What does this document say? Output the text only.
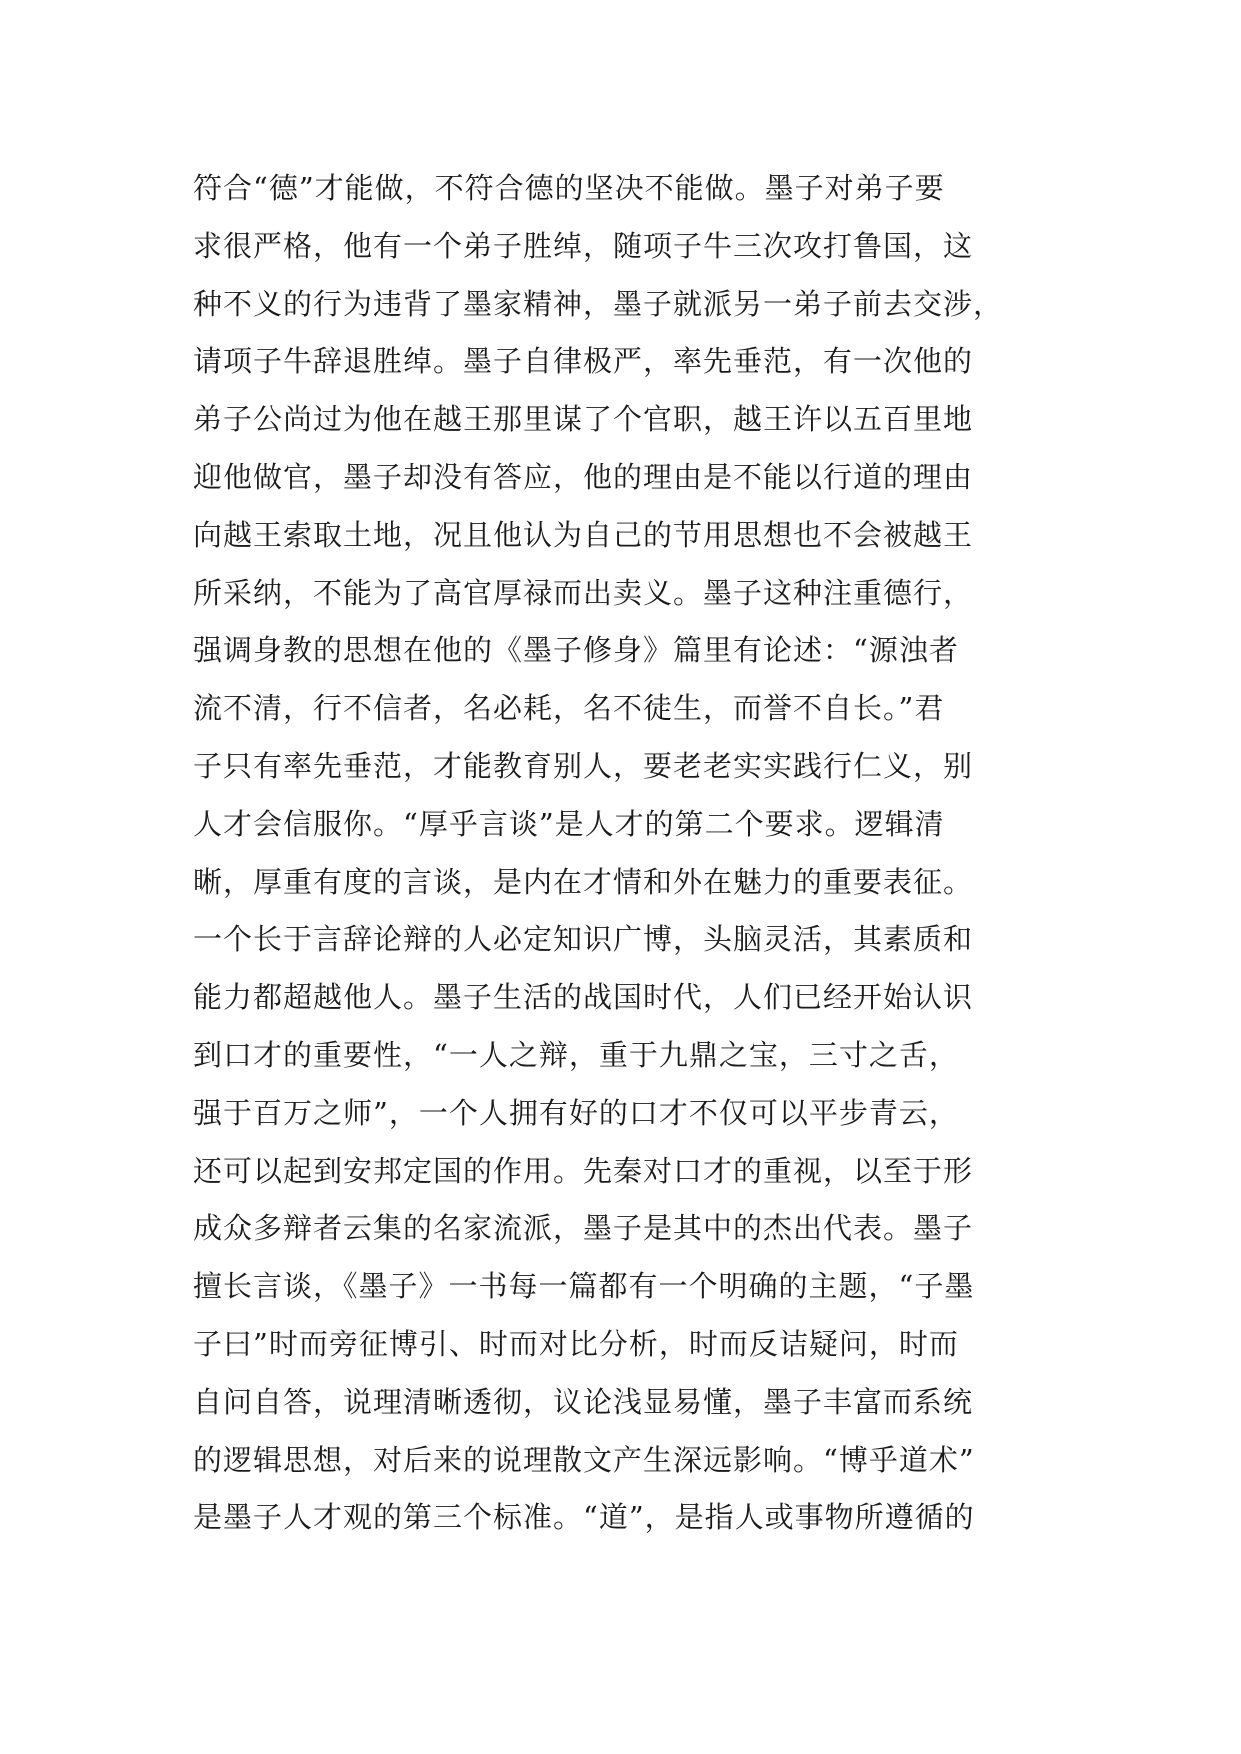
符合“德”才能做，不符合德的坚决不能做。墨子对弟子要
求很严格，他有一个弟子胜绰，随项子牛三次攻打鲁国，这
种不义的行为违背了墨家精神，墨子就派另一弟子前去交涉，
请项子牛辞退胜绰。墨子自律极严，率先垂范，有一次他的
弟子公尚过为他在越王那里谋了个官职，越王许以五百里地
迎他做官，墨子却没有答应，他的理由是不能以行道的理由
向越王索取土地，况且他认为自己的节用思想也不会被越王
所采纳，不能为了高官厚禄而出卖义。墨子这种注重德行，
强调身教的思想在他的《墨子修身》篇里有论述：“源浊者
流不清，行不信者，名必耗，名不徒生，而誉不自长。”君
子只有率先垂范，才能教育别人，要老老实实践行仁义，别
人才会信服你。“厚乎言谈”是人才的第二个要求。逻辑清
晰，厚重有度的言谈，是内在才情和外在魅力的重要表征。
一个长于言辞论辩的人必定知识广博，头脑灵活，其素质和
能力都超越他人。墨子生活的战国时代，人们已经开始认识
到口才的重要性，“一人之辩，重于九鼎之宝，三寸之舌，
强于百万之师”，一个人拥有好的口才不仅可以平步青云，
还可以起到安邦定国的作用。先秦对口才的重视，以至于形
成众多辩者云集的名家流派，墨子是其中的杰出代表。墨子
擅长言谈，《墨子》一书每一篇都有一个明确的主题，“子墨
子曰”时而旁征博引、时而对比分析，时而反诘疑问，时而
自问自答，说理清晰透彻，议论浅显易懂，墨子丰富而系统
的逻辑思想，对后来的说理散文产生深远影响。“博乎道术”
是墨子人才观的第三个标准。“道”，是指人或事物所遵循的
